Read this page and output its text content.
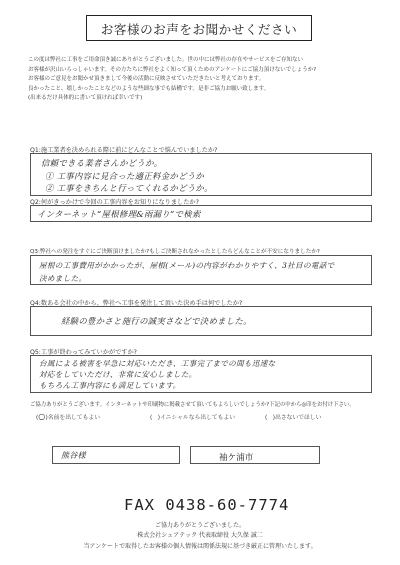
お客様のお声をお聞かせください
この度は弊社に工事をご用命頂き誠にありがとうございました。世の中には弊社の存在やサービスをご存知ない
お客様が沢山いらっしゃいます。その方たちに弊社をよく知って頂くためのアンケートにご協力頂けないでしょうか?
お客様のご意見をお聞かせ頂きまして今後の活動に反映させていただきたいと考えております。
良かったこと、嬉しかったことなどのような些細な事でも結構です。是非ご協力お願い致します。
(出来るだけ具体的に書いて頂ければ幸いです)
Q1:施工業者を決められる際に前にどんなことで悩んでいましたか?
信頼できる業者さんかどうか。
① 工事内容に見合った適正料金かどうか
② 工事をきちんと行ってくれるかどうか。
Q2:何がきっかけで今回の工事内容をお知りになりましたか?
インターネット“屋根修理&雨漏り”で検索
Q3:弊社への発注をすぐにご決断頂けましたか?もしご決断されなかったとしたらどんなことが不安になりましたか?
屋根の工事費用がかかったが、屋根(メール)の内容がわかりやすく、3社目の電話で
決めました。
Q4:数ある会社の中から、弊社へ工事を発注して頂いた決め手は何でしたか?
経験の豊かさと施行の誠実さなどで決めました。
Q5:工事が終わってみていかがですか?
台風による被害を早急に対応いただき、工事完了までの間も迅速な
対応をしていただけ、非常に安心しました。
もちろん工事内容にも満足しています。
ご協力ありがとうございます。インターネットや印刷物に掲載させて頂いてもよろしいでしょうか?下記の中から◎印をお付け下さい。
(○)名前を出してもよい	(   )イニシャルなら出してもよい	(   )出さないでほしい
熊谷様	袖ケ浦市
FAX 0438-60-7774
ご協力ありがとうございました。
株式会社シェアテック 代表取締役 大久保 誠二
当アンケートで取得したお客様の個人情報は関係法規に基づき厳正に管理いたします。
